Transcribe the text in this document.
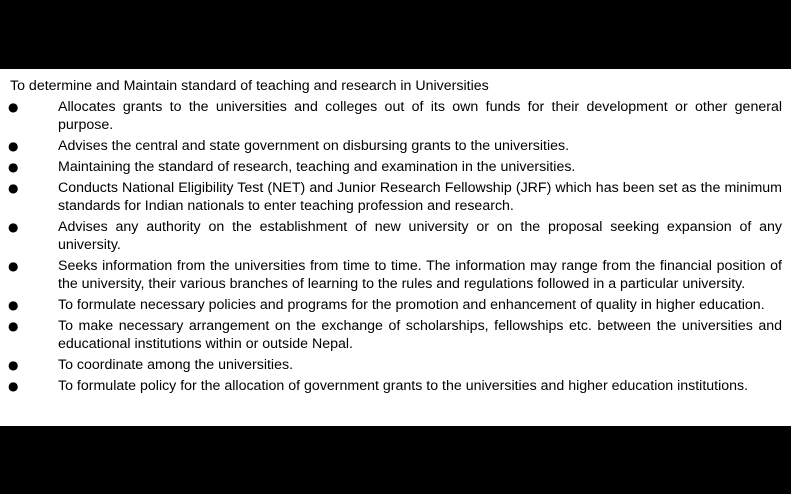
To determine and Maintain standard of teaching and research in Universities
●	Allocates grants to the universities and colleges out of its own funds for their development or other general purpose.
●	Advises the central and state government on disbursing grants to the universities.
●	Maintaining the standard of research, teaching and examination in the universities.
●	Conducts National Eligibility Test (NET) and Junior Research Fellowship (JRF) which has been set as the minimum standards for Indian nationals to enter teaching profession and research.
●	Advises any authority on the establishment of new university or on the proposal seeking expansion of any university.
●	Seeks information from the universities from time to time. The information may range from the financial position of the university, their various branches of learning to the rules and regulations followed in a particular university.
●	To formulate necessary policies and programs for the promotion and enhancement of quality in higher education.
●	To make necessary arrangement on the exchange of scholarships, fellowships etc. between the universities and educational institutions within or outside Nepal.
●	To coordinate among the universities.
●	To formulate policy for the allocation of government grants to the universities and higher education institutions.
